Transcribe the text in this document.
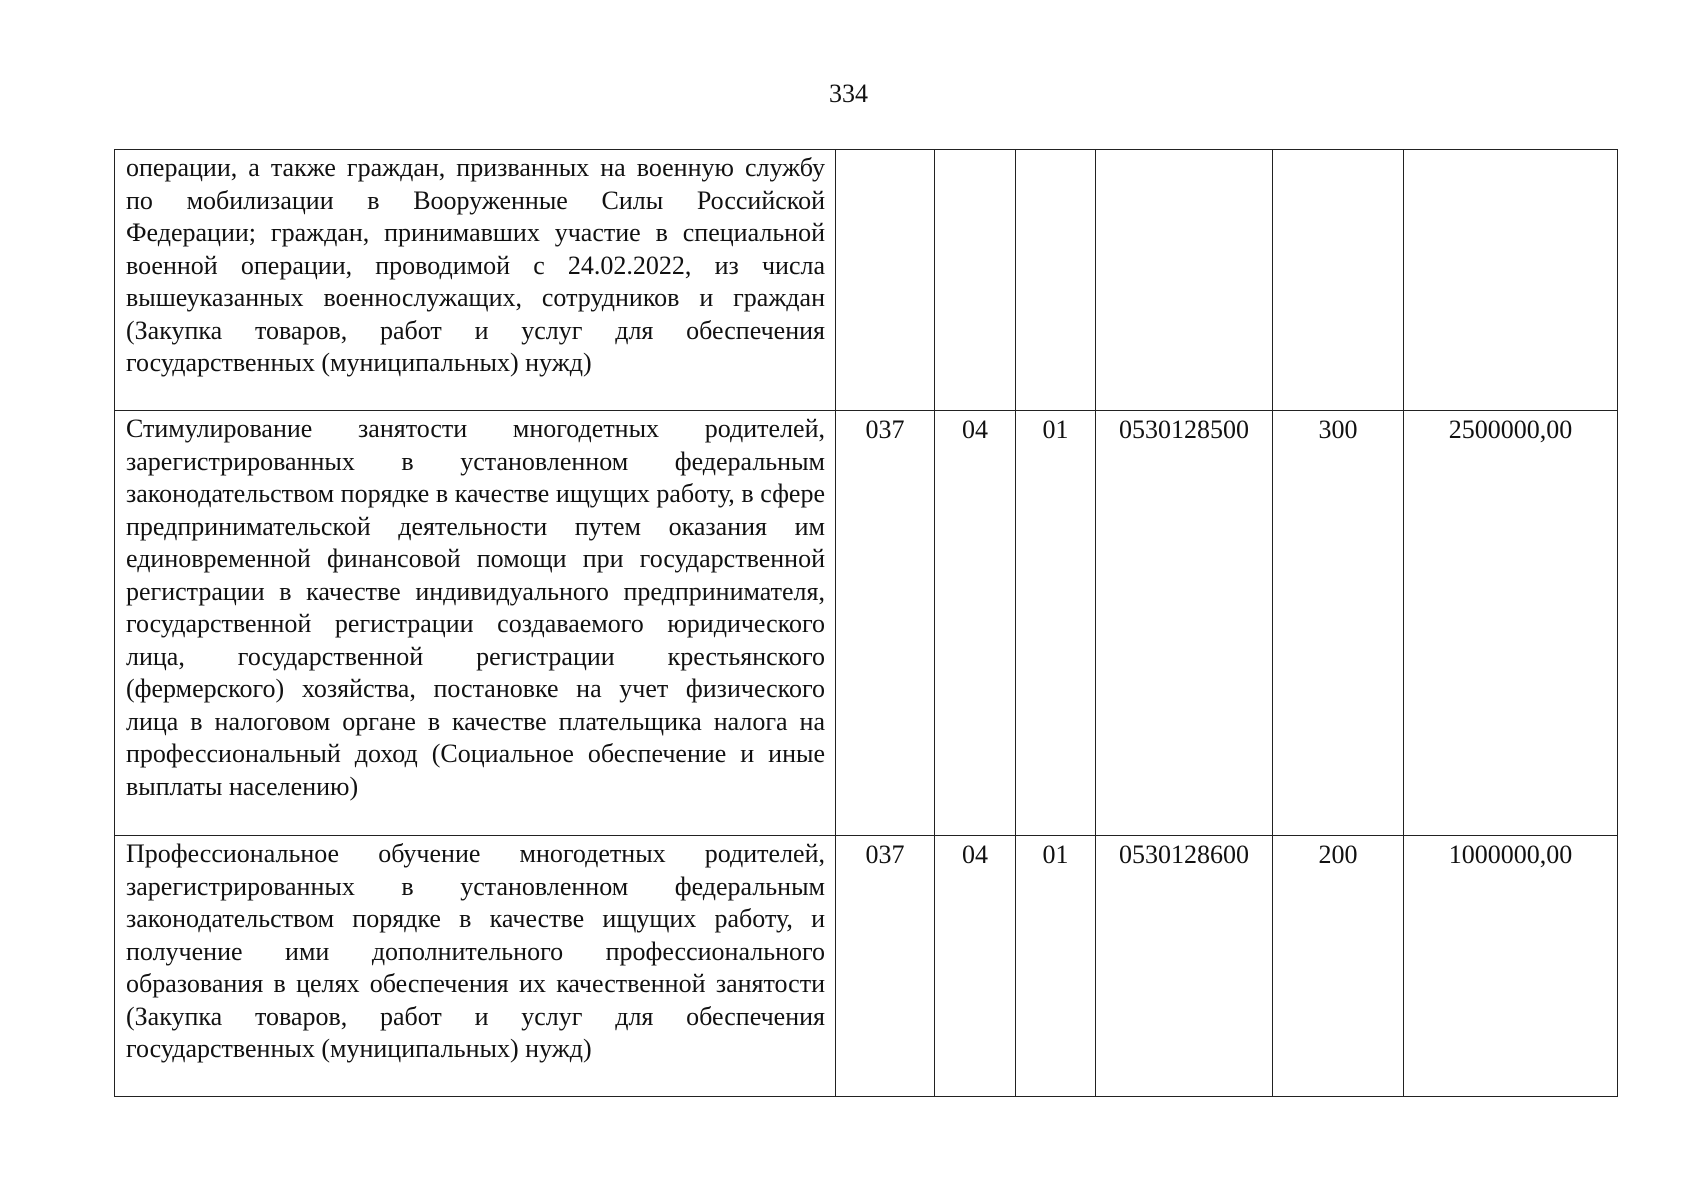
334
операции, а также граждан, призванных на военную службу по мобилизации в Вооруженные Силы Российской Федерации; граждан, принимавших участие в специальной военной операции, проводимой с 24.02.2022, из числа вышеуказанных военнослужащих, сотрудников и граждан (Закупка товаров, работ и услуг для обеспечения государственных (муниципальных) нужд)						
Стимулирование занятости многодетных родителей, зарегистрированных в установленном федеральным законодательством порядке в качестве ищущих работу, в сфере предпринимательской деятельности путем оказания им единовременной финансовой помощи при государственной регистрации в качестве индивидуального предпринимателя, государственной регистрации создаваемого юридического лица, государственной регистрации крестьянского (фермерского) хозяйства, постановке на учет физического лица в налоговом органе в качестве плательщика налога на профессиональный доход (Социальное обеспечение и иные выплаты населению)	037	04	01	0530128500	300	2500000,00
Профессиональное обучение многодетных родителей, зарегистрированных в установленном федеральным законодательством порядке в качестве ищущих работу, и получение ими дополнительного профессионального образования в целях обеспечения их качественной занятости (Закупка товаров, работ и услуг для обеспечения государственных (муниципальных) нужд)	037	04	01	0530128600	200	1000000,00
